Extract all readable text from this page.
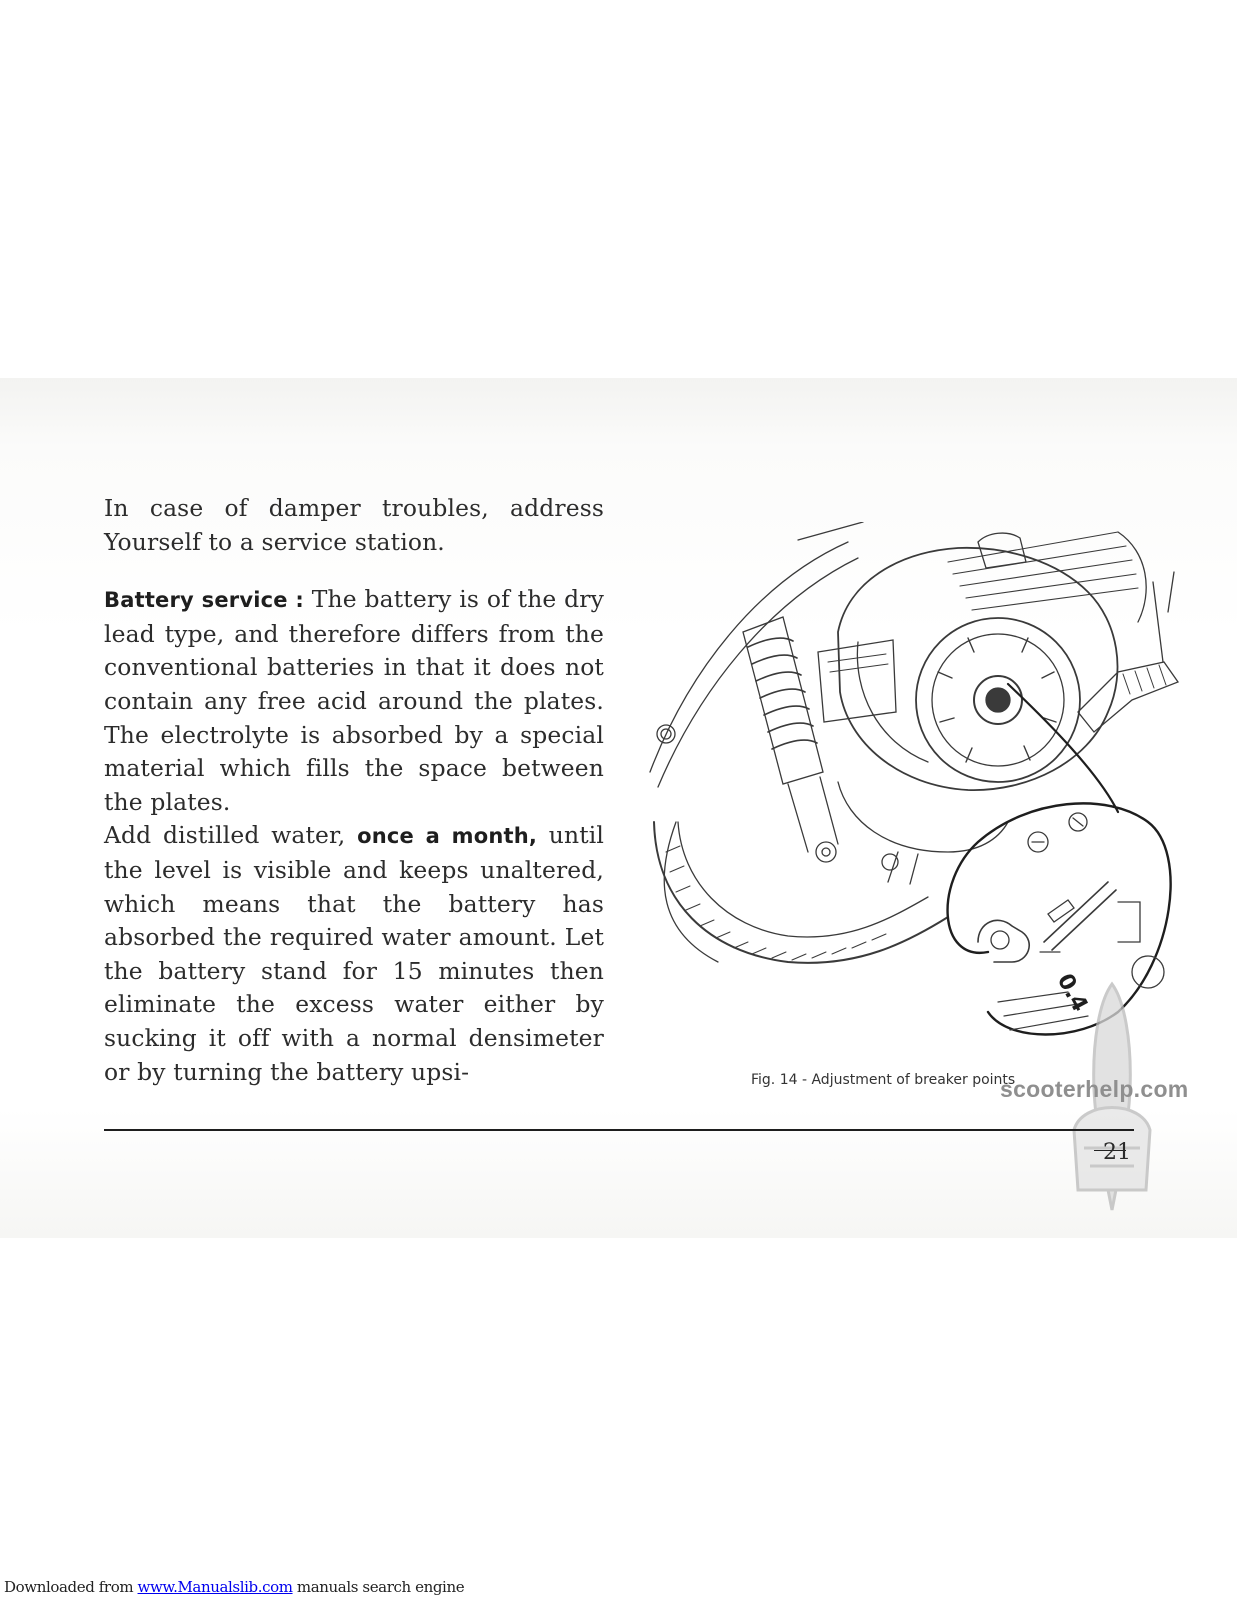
In case of damper troubles, address Yourself to a service station.

Battery service : The battery is of the dry lead type, and therefore differs from the conventional batteries in that it does not contain any free acid around the plates. The electrolyte is absorbed by a special material which fills the space between the plates.

Add distilled water, once a month, until the level is visible and keeps unaltered, which means that the battery has absorbed the required water amount. Let the battery stand for 15 minutes then eliminate the excess water either by sucking it off with a normal densimeter or by turning the battery upsi-

0.4
Fig. 14 - Adjustment of breaker points
scooterhelp.com
21
Downloaded from www.Manualslib.com manuals search engine
